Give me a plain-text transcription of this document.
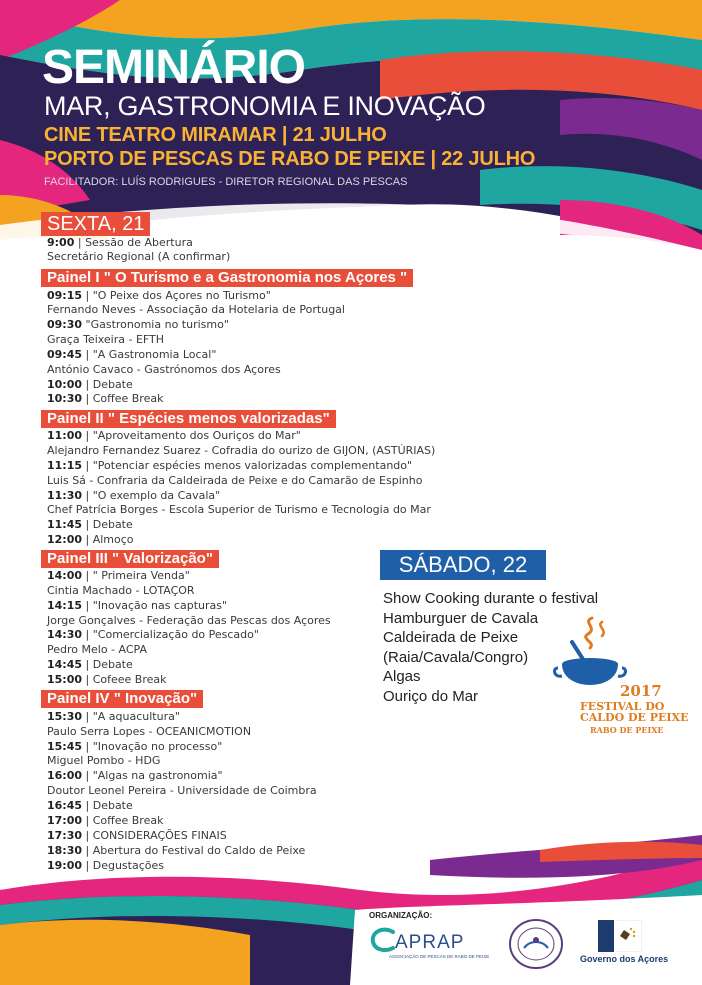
SEMINÁRIO
MAR, GASTRONOMIA E INOVAÇÃO
CINE TEATRO MIRAMAR | 21 JULHO
PORTO DE PESCAS DE RABO DE PEIXE | 22 JULHO
FACILITADOR: LUÍS RODRIGUES - DIRETOR REGIONAL DAS PESCAS
SEXTA, 21
9:00 | Sessão de Abertura
Secretário Regional (A confirmar)
Painel I " O Turismo e a Gastronomia nos Açores "
09:15 | "O Peixe dos Açores no Turismo"
Fernando Neves - Associação da Hotelaria de Portugal
09:30 "Gastronomia no turismo"
Graça Teixeira - EFTH
09:45 | "A Gastronomia Local"
António Cavaco - Gastrónomos dos Açores
10:00 | Debate
10:30 | Coffee Break
Painel II " Espécies menos valorizadas"
11:00 | "Aproveitamento dos Ouriços do Mar"
Alejandro Fernandez Suarez - Cofradia do ourizo de GIJON, (ASTÚRIAS)
11:15 | "Potenciar espécies menos valorizadas complementando"
Luis Sá - Confraria da Caldeirada de Peixe e do Camarão de Espinho
11:30 | "O exemplo da Cavala"
Chef Patrícia Borges - Escola Superior de Turismo e Tecnologia do Mar
11:45 | Debate
12:00 | Almoço
Painel III " Valorização"
14:00 | " Primeira Venda"
Cintia Machado - LOTAÇOR
14:15 | "Inovação nas capturas"
Jorge Gonçalves - Federação das Pescas dos Açores
14:30 | "Comercialização do Pescado"
Pedro Melo - ACPA
14:45 | Debate
15:00 | Cofeee Break
Painel IV " Inovação"
15:30 | "A aquacultura"
Paulo Serra Lopes - OCEANICMOTION
15:45 | "Inovação no processo"
Miguel Pombo - HDG
16:00 | "Algas na gastronomia"
Doutor Leonel Pereira - Universidade de Coimbra
16:45 | Debate
17:00 | Coffee Break
17:30 | CONSIDERAÇÕES FINAIS
18:30 | Abertura do Festival do Caldo de Peixe
19:00 | Degustações
SÁBADO, 22
Show Cooking durante o festival
Hamburguer de Cavala
Caldeirada de Peixe
(Raia/Cavala/Congro)
Algas
Ouriço do Mar	2017
FESTIVAL DO
CALDO DE PEIXE
RABO DE PEIXE
ORGANIZAÇÃO:
APRAP
ASSOCIAÇÃO DE PESCAS DE RABO DE PEIXE	Governo dos Açores
